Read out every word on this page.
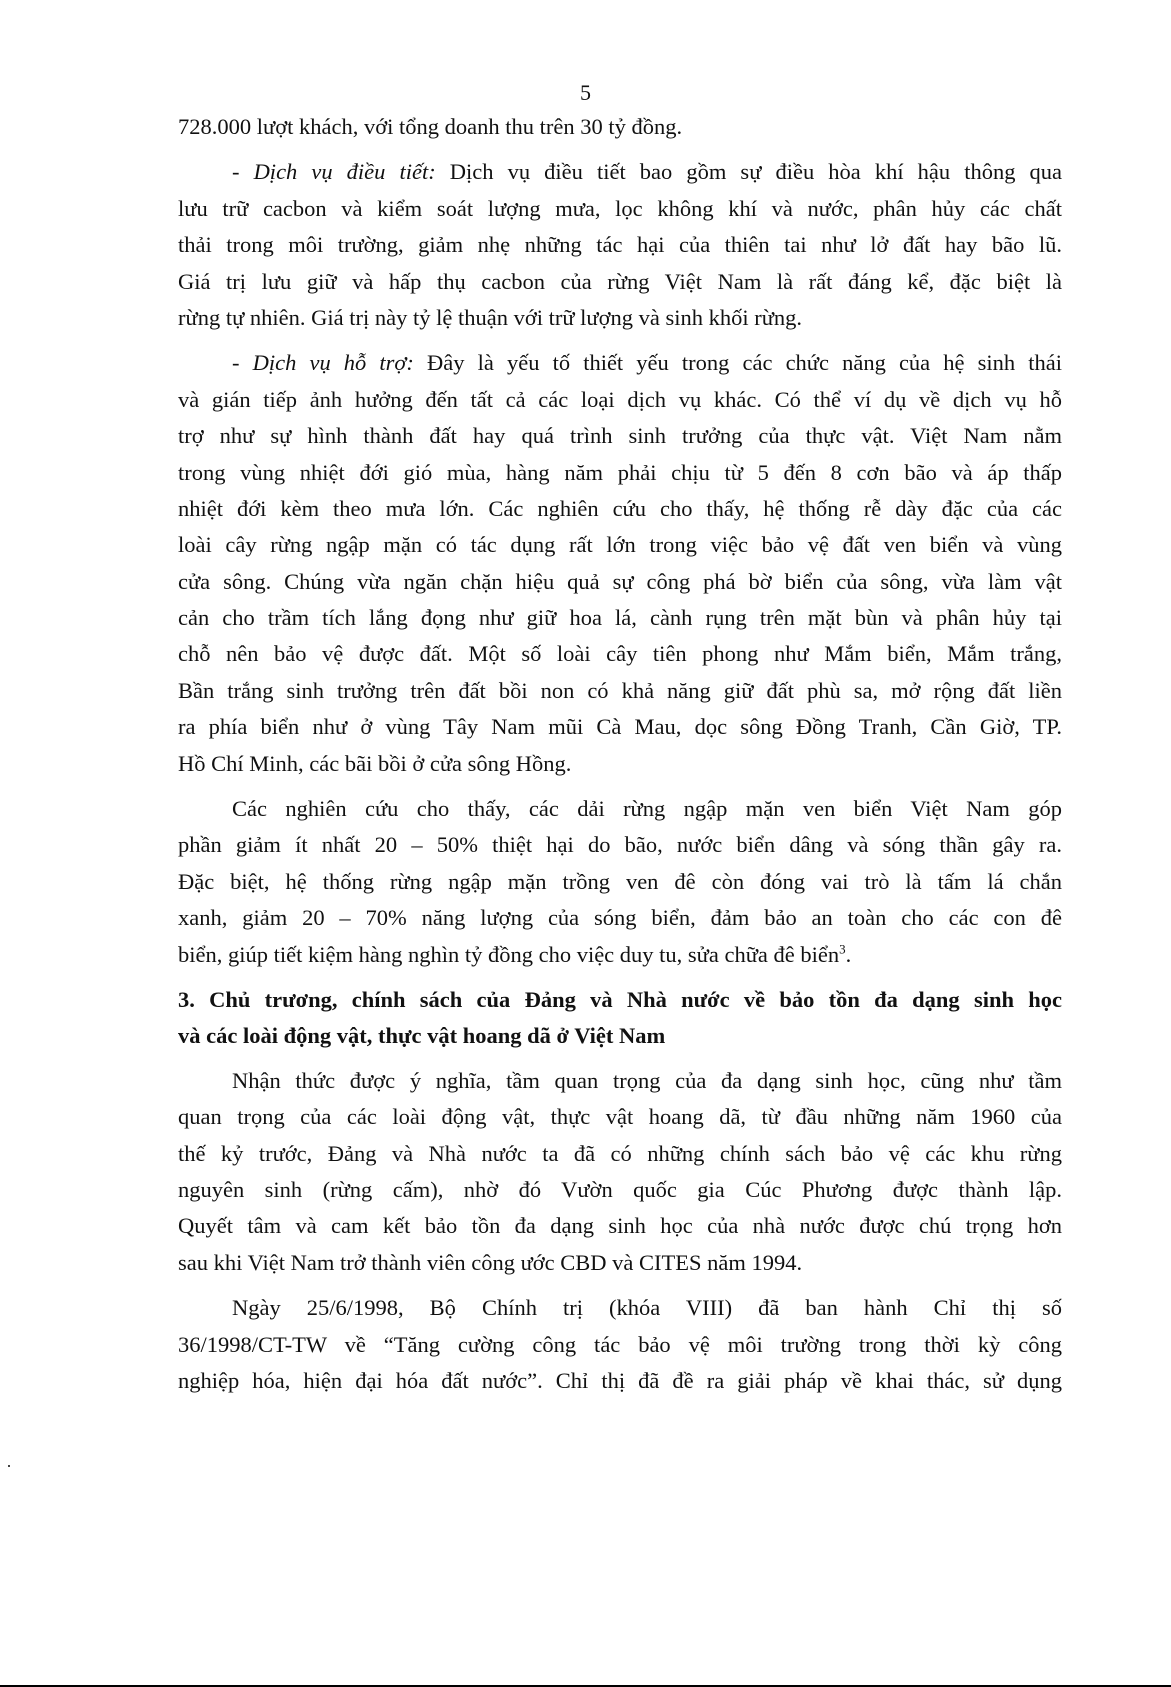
5
728.000 lượt khách, với tổng doanh thu trên 30 tỷ đồng.
- Dịch vụ điều tiết: Dịch vụ điều tiết bao gồm sự điều hòa khí hậu thông qua
lưu trữ cacbon và kiểm soát lượng mưa, lọc không khí và nước, phân hủy các chất
thải trong môi trường, giảm nhẹ những tác hại của thiên tai như lở đất hay bão lũ.
Giá trị lưu giữ và hấp thụ cacbon của rừng Việt Nam là rất đáng kể, đặc biệt là
rừng tự nhiên. Giá trị này tỷ lệ thuận với trữ lượng và sinh khối rừng.
- Dịch vụ hỗ trợ: Đây là yếu tố thiết yếu trong các chức năng của hệ sinh thái
và gián tiếp ảnh hưởng đến tất cả các loại dịch vụ khác. Có thể ví dụ về dịch vụ hỗ
trợ như sự hình thành đất hay quá trình sinh trưởng của thực vật. Việt Nam nằm
trong vùng nhiệt đới gió mùa, hàng năm phải chịu từ 5 đến 8 cơn bão và áp thấp
nhiệt đới kèm theo mưa lớn. Các nghiên cứu cho thấy, hệ thống rễ dày đặc của các
loài cây rừng ngập mặn có tác dụng rất lớn trong việc bảo vệ đất ven biển và vùng
cửa sông. Chúng vừa ngăn chặn hiệu quả sự công phá bờ biển của sông, vừa làm vật
cản cho trầm tích lắng đọng như giữ hoa lá, cành rụng trên mặt bùn và phân hủy tại
chỗ nên bảo vệ được đất. Một số loài cây tiên phong như Mắm biển, Mắm trắng,
Bần trắng sinh trưởng trên đất bồi non có khả năng giữ đất phù sa, mở rộng đất liền
ra phía biển như ở vùng Tây Nam mũi Cà Mau, dọc sông Đồng Tranh, Cần Giờ, TP.
Hồ Chí Minh, các bãi bồi ở cửa sông Hồng.
Các nghiên cứu cho thấy, các dải rừng ngập mặn ven biển Việt Nam góp
phần giảm ít nhất 20 – 50% thiệt hại do bão, nước biển dâng và sóng thần gây ra.
Đặc biệt, hệ thống rừng ngập mặn trồng ven đê còn đóng vai trò là tấm lá chắn
xanh, giảm 20 – 70% năng lượng của sóng biển, đảm bảo an toàn cho các con đê
biển, giúp tiết kiệm hàng nghìn tỷ đồng cho việc duy tu, sửa chữa đê biển$^3$.
3. Chủ trương, chính sách của Đảng và Nhà nước về bảo tồn đa dạng sinh học
và các loài động vật, thực vật hoang dã ở Việt Nam
Nhận thức được ý nghĩa, tầm quan trọng của đa dạng sinh học, cũng như tầm
quan trọng của các loài động vật, thực vật hoang dã, từ đầu những năm 1960 của
thế kỷ trước, Đảng và Nhà nước ta đã có những chính sách bảo vệ các khu rừng
nguyên sinh (rừng cấm), nhờ đó Vườn quốc gia Cúc Phương được thành lập.
Quyết tâm và cam kết bảo tồn đa dạng sinh học của nhà nước được chú trọng hơn
sau khi Việt Nam trở thành viên công ước CBD và CITES năm 1994.
Ngày 25/6/1998, Bộ Chính trị (khóa VIII) đã ban hành Chỉ thị số
36/1998/CT-TW về “Tăng cường công tác bảo vệ môi trường trong thời kỳ công
nghiệp hóa, hiện đại hóa đất nước”. Chỉ thị đã đề ra giải pháp về khai thác, sử dụng
